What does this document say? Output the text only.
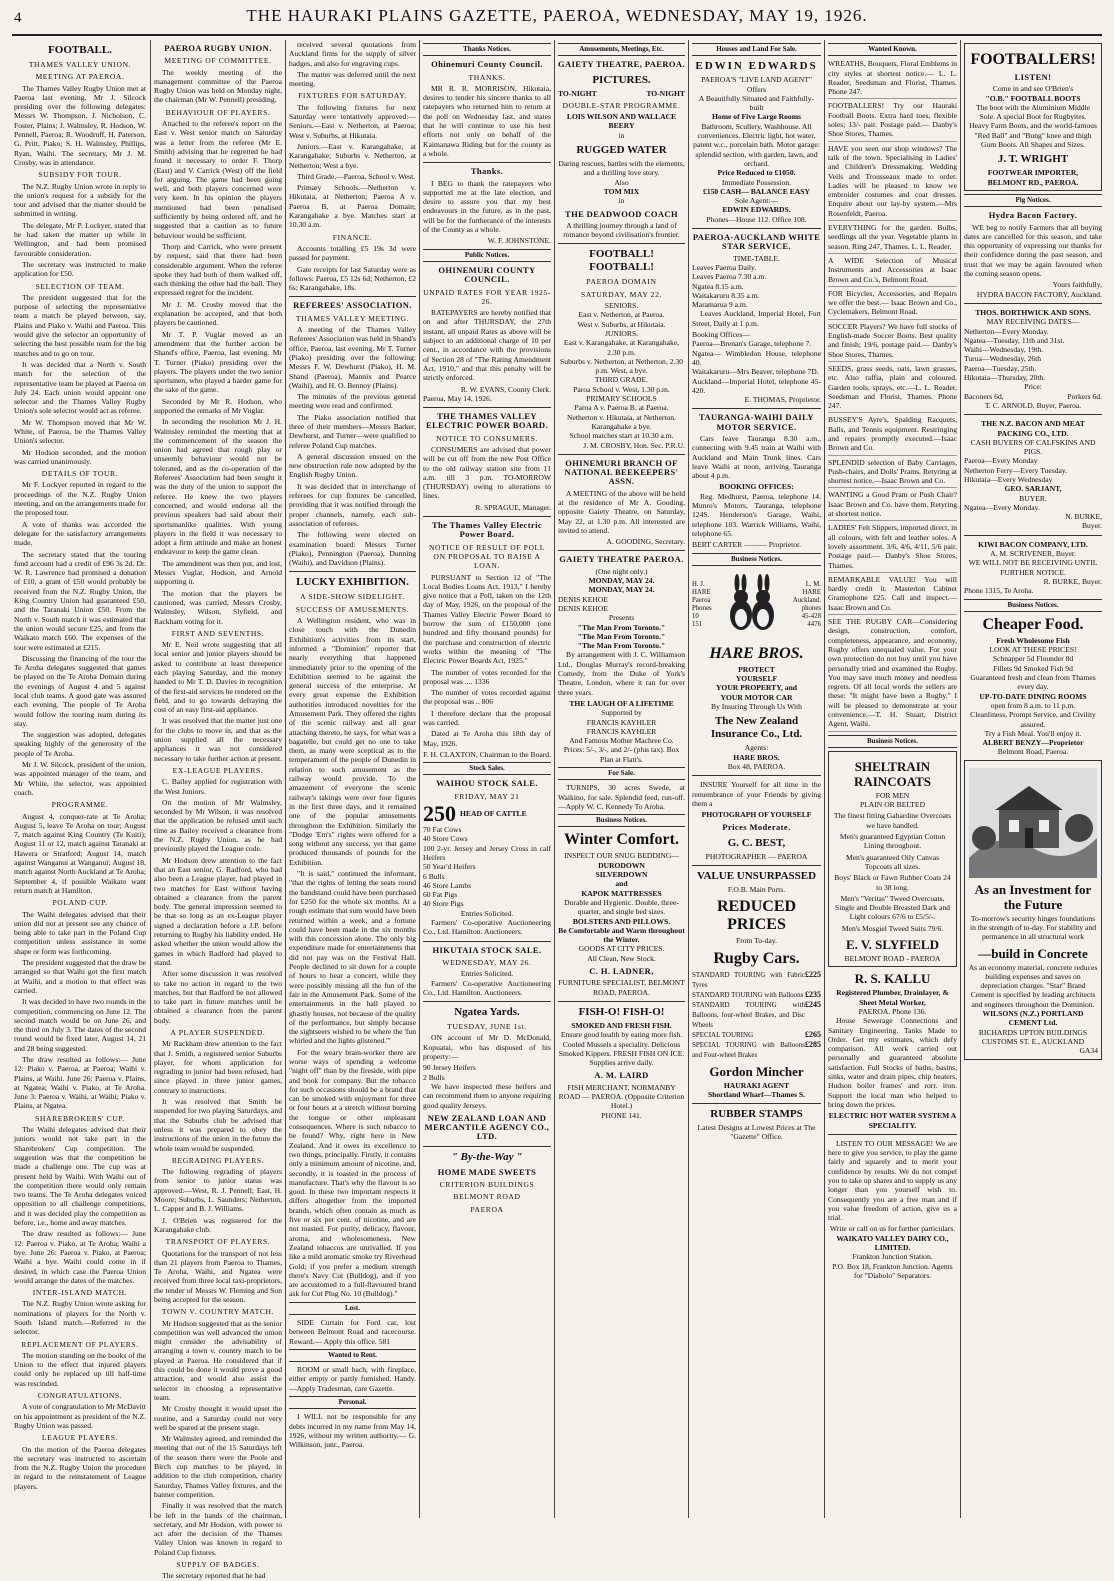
4	THE HAURAKI PLAINS GAZETTE, PAEROA, WEDNESDAY, MAY 19, 1926.
FOOTBALL.
THAMES VALLEY UNION.
MEETING AT PAEROA.

The Thames Valley Rugby Union met at Paeroa last evening, Mr J. Silcock presiding over the following delegates: Messrs W. Thompson, J. Nicholson, C. Foster, Plains; J. Walmsley, R. Hodson, W. Pennell, Paeroa; R. Woodruff, H. Paterson, G. Pritt, Piako; S. H. Walmsley, Phillips, Ryan, Waihi. The secretary, Mr J. M. Crosby, was in attendance.

SUBSIDY FOR TOUR.

The N.Z. Rugby Union wrote in reply to the union's request for a subsidy for the tour and advised that the matter should be submitted in writing.

The delegate, Mr P. Lockyer, stated that he had taken the matter up while in Wellington, and had been promised favourable consideration.

The secretary was instructed to make application for £50.

SELECTION OF TEAM.

The president suggested that for the purpose of selecting the representative team a match be played between, say, Plains and Piako v. Waihi and Paeroa. This would give the selector an opportunity of selecting the best possible team for the big matches and to go on tour.

It was decided that a North v. South match for the selection of the representative team be played at Paeroa on July 24. Each union would appoint one selector and the Thames Valley Rugby Union's sole selector would act as referee.

Mr W. Thompson moved that Mr W. White, of Paeroa, be the Thames Valley Union's selector.

Mr Hodson seconded, and the motion was carried unanimously.

DETAILS OF TOUR.

Mr F. Lockyer reported in regard to the proceedings of the N.Z. Rugby Union meeting, and on the arrangements made for the proposed tour.

A vote of thanks was accorded the delegate for the satisfactory arrangements made.

The secretary stated that the touring fund account had a credit of £96 3s 2d. Dr. W. R. Lawrence had promised a donation of £10, a grant of £50 would probably be received from the N.Z. Rugby Union, the King Country Union had guaranteed £50, and the Taranaki Union £50. From the North v. South match it was estimated that the union would secure £25, and from the Waikato match £60. The expenses of the tour were estimated at £215.

Discussing the financing of the tour the Te Aroha delegates suggested that games be played on the Te Aroha Domain during the evenings of August 4 and 5 against local club teams. A good gate was assured each evening. The people of Te Aroha would follow the touring team during its stay.

The suggestion was adopted, delegates speaking highly of the generosity of the people of Te Aroha.

Mr J. W. Silcock, president of the union, was appointed manager of the team, and Mr White, the selector, was appointed coach.

PROGRAMME.

August 4, conquer-rate at Te Aroha; August 5, leave Te Aroha on tour; August 7, match against King Country (Te Kuiti); August 11 or 12, match against Taranaki at Hawera or Stratford; August 14, match against Wanganui at Wanganui; August 18, match against North Auckland at Te Aroha; September 4, if possible Waikato want return match at Hamilton.

POLAND CUP.

The Waihi delegates advised that their union did not at present see any chance of being able to take part in the Poland Cup competition unless assistance in some shape or form was forthcoming.

The president suggested that the draw be arranged so that Waihi got the first match at Waihi, and a motion to that effect was carried.

It was decided to have two rounds in the competition, commencing on June 12. The second match would be on June 26, and the third on July 3. The dates of the second round would be fixed later, August 14, 21 and 28 being suggested.

The draw resulted as follows:— June 12: Piako v. Paeroa, at Paeroa; Waihi v. Plains, at Waihi. June 26: Paeroa v. Plains, at Ngatea; Waihi v. Piako, at Te Aroha. June 3: Paeroa v. Waihi, at Waihi; Piako v. Plains, at Ngatea.

SHAREBROKERS' CUP.

The Waihi delegates advised that their juniors would not take part in the Sharebrokers' Cup competition. The suggestion was that the competition be made a challenge one. The cup was at present held by Waihi. With Waihi out of the competition there would only remain two teams. The Te Aroha delegates voiced opposition to all challenge competitions, and it was decided play the competition as before, i.e., home and away matches.

The draw resulted as follows:— June 12: Paeroa v. Piako, at Te Aroha; Waihi a bye. June 26: Paeroa v. Piako, at Paeroa; Waihi a bye. Waihi could come in if desired, in which case the Paeroa Union would arrange the dates of the matches.

INTER-ISLAND MATCH.

The N.Z. Rugby Union wrote asking for nominations of players for the North v. South Island match.—Referred to the selector.

REPLACEMENT OF PLAYERS.

The motion standing on the books of the Union to the effect that injured players could only be replaced up till half-time was rescinded.

CONGRATULATIONS.

A vote of congratulation to Mr McDavitt on his appointment as president of the N.Z. Rugby Union was passed.

LEAGUE PLAYERS.

On the motion of the Paeroa delegates the secretary was instructed to ascertain from the N.Z. Rugby Union the procedure in regard to the reinstatement of League players.

PAEROA RUGBY UNION.
MEETING OF COMMITTEE.

The weekly meeting of the management committee of the Paeroa Rugby Union was held on Monday night, the chairman (Mr W. Pennell) presiding.

BEHAVIOUR OF PLAYERS.

Attached to the referee's report on the East v. West senior match on Saturday was a letter from the referee (Mr E. Smith) advising that he regretted he had found it necessary to order F. Thorp (East) and V. Carrick (West) off the field for arguing. The game had been going well, and both players concerned were very keen. In his opinion the players mentioned had been penalised sufficiently by being ordered off, and he suggested that a caution as to future behaviour would be sufficient.

Thorp and Carrick, who were present by request, said that there had been considerable argument. When the referee spoke they had both of them walked off, each thinking the other had the ball. They expressed regret for the incident.

Mr J. M. Crosby moved that the explanation be accepted, and that both players be cautioned.

Mr T. P. Vuglar moved as an amendment that the further action be Shand's office, Paeroa, last evening. Mr T. Turner (Piako) presiding over the players. The players under the two senior sportsmen, who played a harder game for the sake of the game.

Seconded by Mr R. Hodson, who supported the remarks of Mr Vuglar.

In seconding the resolution Mr J. H. Walmsley reminded the meeting that at the commencement of the season the union had agreed that rough play or unseemly behaviour would not be tolerated, and as the co-operation of the Referees' Association had been sought it was the duty of the union to support the referee. He knew the two players concerned, and would endorse all the previous speakers had said about their sportsmanlike qualities. With young players in the field it was necessary to adopt a firm attitude and make an honest endeavour to keep the game clean.

The amendment was then put, and lost, Messrs Vuglar, Hodson, and Arnold supporting it.

The motion that the players be cautioned, was carried, Messrs Crosby, Walmsley, Wilson, Slyfield, and Rackham voting for it.

FIRST AND SEVENTHS.

Mr E. Neil wrote suggesting that all local senior and junior players should be asked to contribute at least threepence each playing Saturday, and the money handed to Mr T. D. Davies in recognition of the first-aid services he rendered on the field, and to go towards defraying the cost of an easy first-aid appliance.

It was resolved that the matter just one for the clubs to move in, and that as the union supplied all the necessary appliances it was not considered necessary to take further action at present.

EX-LEAGUE PLAYERS.

C. Bailey applied for registration with the West Juniors.

On the motion of Mr Walmsley, seconded by Mr Wilson, it was resolved that the application be refused until such time as Bailey received a clearance from the N.Z. Rugby Union, as he had previously played the League code.

Mr Hodson drew attention to the fact that an East senior, G. Radford, who had also been a League player, had played in two matches for East without having obtained a clearance from the parent body. The general impression seemed to be that so long as an ex-League player signed a declaration before a J.P. before returning to Rugby his liability ended. He asked whether the union would allow the games in which Radford had played to stand.

After some discussion it was resolved to take no action in regard to the two matches, but that Radford be not allowed to take part in future matches until he obtained a clearance from the parent body.

A PLAYER SUSPENDED.

Mr Rackham drew attention to the fact that J. Smith, a registered senior Suburbs player, for whom application for regrading to junior had been refused, had since played in three junior games, contrary to instructions.

It was resolved that Smith be suspended for two playing Saturdays, and that the Suburbs club be advised that unless it was prepared to obey the instructions of the union in the future the whole team would be suspended.

REGRADING PLAYERS.

The following regrading of players from senior to junior status was approved:—West, R. J. Pennell; East, H. Moore; Suburbs, L. Saunders; Netherton, L. Capper and B. J. Williams.

J. O'Brien was registered for the Karangahake club.

TRANSPORT OF PLAYERS.

Quotations for the transport of not less than 21 players from Paeroa to Thames, Te Aroha, Waihi, and Ngatea were received from three local taxi-proprietors, the tender of Messrs W. Fleming and Son being accepted for the season.

TOWN V. COUNTRY MATCH.

Mr Hodson suggested that as the senior competition was well advanced the union might consider the advisability of arranging a town v. country match to be played at Paeroa. He considered that if this could be done it would prove a good attraction, and would also assist the selector in choosing a representative team.

Mr Crosby thought it would upset the routine, and a Saturday could not very well be spared at the present stage.

Mr Walmsley agreed, and reminded the meeting that out of the 15 Saturdays left of the season there were the Poole and Birch cup matches to be played, in addition to the club competition, charity Saturday, Thames Valley fixtures, and the banner competition.

Finally it was resolved that the match be left in the hands of the chairman, secretary, and Mr Hodson, with power to act after the decision of the Thames Valley Union was known in regard to Poland Cup fixtures.

SUPPLY OF BADGES.

The secretary reported that he had

received several quotations from Auckland firms for the supply of silver badges, and also for engraving cups.

The matter was deferred until the next meeting.

FIXTURES FOR SATURDAY.

The following fixtures for next Saturday were tentatively approved:— Seniors.—East v. Netherton, at Paeroa; West v. Suburbs, at Hikutaia.

Juniors.—East v. Karangahake, at Karangahake; Suburbs v. Netherton, at Netherton; West a bye.

Third Grade.—Paeroa, School v. West.

Primary Schools.—Netherton v. Hikutaia, at Netherton; Paeroa A v. Paeroa B, at Paeroa Domain; Karangahake a bye. Matches start at 10.30 a.m.

FINANCE.

Accounts totalling £5 19s 3d were passed for payment.

Gate receipts for last Saturday were as follows: Paeroa, £5 12s 6d; Netherton, £2 6s; Karangahake, 18s.

REFEREES' ASSOCIATION.
THAMES VALLEY MEETING.

A meeting of the Thames Valley Referees' Association was held in Shand's office, Paeroa, last evening, Mr T. Turner (Piako) presiding over the following: Messrs F. W. Dewhurst (Piako), H. M. Shand (Paeroa), Mannix and Pearce (Waihi), and H. O. Bennoy (Plains).

The minutes of the previous general meeting were read and confirmed.

The Piako association notified that three of their members—Messrs Barker, Dewhurst, and Turner—were qualified to referee Poland Cup matches.

A general discussion ensued on the new obstruction rule now adopted by the English Rugby Union.

It was decided that in interchange of referees for cup fixtures be cancelled, providing that it was notified through the proper channels, namely, each sub-association of referees.

The following were elected on examination board: Messrs Turner (Piako), Pennington (Paeroa), Dunning (Waihi), and Davidson (Plains).

LUCKY EXHIBITION.
A SIDE-SHOW SIDELIGHT.
SUCCESS OF AMUSEMENTS.

A Wellington resident, who was in close touch with the Dunedin Exhibition's activities from its start, informed a "Dominion" reporter that nearly everything that happened immediately prior to the opening of the Exhibition seemed to be against the general success of the enterprise. At every great expense the Exhibition authorities introduced novelties for the Amusement Park. They offered the rights of the scenic railway and all gear attaching thereto, he says, for what was a bagatelle, but could get no one to take them, as many were sceptical as to the temperament of the people of Dunedin in relation to such amusement as the railway would provide. To the amazement of everyone the scenic railway's takings were over four figures in the first three days, and it remained one of the popular amusements throughout the Exhibition. Similarly the "Dodge 'Em's" rights were offered for a song without any success, yet that game produced thousands of pounds for the Exhibition.

"It is said," continued the informant, "that the rights of letting the seats round the bandstand could have been purchased for £250 for the whole six months. At a rough estimate that sum would have been returned within a week, and a fortune could have been made in the six months with this concession alone. The only big expenditure made for entertainments that did not pay was on the Festival Hall. People declined to sit down for a couple of hours to hear a concert, while they were possibly missing all the fun of the fair in the Amusement Park. Some of the entertainments in the hall played to ghastly houses, not because of the quality of the performance, but simply because the sightseers wished to be where the 'fun whirled and the lights glistened.'"

For the weary brain-worker there are worse ways of spending a welcome "night off" than by the fireside, with pipe and book for company. But the tobacco for such occasions should be a brand that can be smoked with enjoyment for three or four hours at a stretch without burning the tongue or other unpleasant consequences. Where is such tobacco to be found? Why, right here in New Zealand. And it owes its excellence to two things, principally. Firstly, it contains only a minimum amount of nicotine, and, secondly, it is toasted in the process of manufacture. That's why the flavour is so good. In these two important respects it differs altogether from the imported brands, which often contain as much as five or six per cent. of nicotine, and are not toasted. For purity, delicacy, flavour, aroma, and wholesomeness, New Zealand tobaccos are unrivalled. If you like a mild aromatic smoke try Riverhead Gold; if you prefer a medium strength there's Navy Cut (Bulldog), and if you are accustomed to a full-flavoured brand ask for Cut Plug No. 10 (Bulldog)."

Lost.

SIDE Curtain for Ford car, lost between Belmont Road and racecourse. Reward.— Apply this office. 581

Wanted to Rent.

ROOM or small bach, with fireplace, either empty or partly furnished. Handy.—Apply Tradesman, care Gazette.

Personal.

I WILL not be responsible for any debts incurred in my name from May 14, 1926, without my written authority.— G. Wilkinson, junr., Paeroa.

Thanks Notices.
Ohinemuri County Council.
THANKS.

MR R. R. MORRISON, Hikutaia, desires to tender his sincere thanks to all ratepayers who returned him to return at the poll on Wednesday last, and states that he will continue to use his best efforts not only on behalf of the Kaimanawa Riding but for the county as a whole.

Thanks.

I BEG to thank the ratepayers who supported me at the late election, and desire to assure you that my best endeavours in the future, as in the past, will be for the furtherance of the interests of the County as a whole.

W. F. JOHNSTONE.
Public Notices.
OHINEMURI COUNTY COUNCIL.
UNPAID RATES FOR YEAR 1925-26.

RATEPAYERS are hereby notified that on and after THURSDAY, the 27th instant, all unpaid Rates as above will be subject to an additional charge of 10 per cent., in accordance with the provisions of Section 28 of "The Rating Amendment Act, 1910," and that this penalty will be strictly enforced.

R. W. EVANS, County Clerk.
Paeroa, May 14, 1926.
THE THAMES VALLEY ELECTRIC POWER BOARD.
NOTICE TO CONSUMERS.

CONSUMERS are advised that power will be cut off from the new Post Office to the old railway station site from 11 a.m. till 3 p.m. TO-MORROW (THURSDAY) owing to alterations to lines.

R. SPRAGUE, Manager.
The Thames Valley Electric Power Board.
NOTICE OF RESULT OF POLL ON PROPOSAL TO RAISE A LOAN.

PURSUANT to Section 12 of "The Local Bodies Loans Act, 1913," I hereby give notice that a Poll, taken on the 12th day of May, 1926, on the proposal of the Thames Valley Electric Power Board to borrow the sum of £150,000 (one hundred and fifty thousand pounds) for the purchase and construction of electric works within the meaning of "The Electric Power Boards Act, 1925."

The number of votes recorded for the proposal was .... 1336

The number of votes recorded against the proposal was .. 806

I therefore declare that the proposal was carried.

Dated at Te Aroha this 18th day of May, 1926.

F. H. CLAXTON, Chairman to the Board.
Stock Sales.
WAIHOU STOCK SALE.
FRIDAY, MAY 21
250 HEAD OF CATTLE
70 Fat Cows
40 Store Cows
100 2-yr. Jersey and Jersey Cross in calf Heifers
50 Year'd Heifers
6 Bulls
46 Store Lambs
60 Fat Pigs
40 Store Pigs
Entries Solicited.

Farmers' Co-operative Auctioneering Co., Ltd. Hamilton. Auctioneers.

HIKUTAIA STOCK SALE.
WEDNESDAY, MAY 26.
Entries Solicited.

Farmers' Co-operative Auctioneering Co., Ltd. Hamilton. Auctioneers.

Ngatea Yards.
TUESDAY, JUNE 1st.

ON account of Mr D. McDonald, Kopuatai, who has disposed of his property:—

90 Jersey Heifers
2 Bulls

We have inspected these heifers and can recommend them to anyone requiring good quality Jerseys.

NEW ZEALAND LOAN AND MERCANTILE AGENCY CO., LTD.
" By-the-Way "
HOME MADE SWEETS
CRITERION BUILDINGS
BELMONT ROAD
PAEROA
Amusements, Meetings, Etc.
GAIETY THEATRE, PAEROA.
PICTURES.
TO-NIGHT	TO-NIGHT
DOUBLE-STAR PROGRAMME.
LOIS WILSON AND WALLACE BEERY
in
RUGGED WATER
Daring rescues, battles with the elements, and a thrilling love story.
Also
TOM MIX
in
THE DEADWOOD COACH
A thrilling journey through a land of romance beyond civilisation's frontier.
FOOTBALL! FOOTBALL!
PAEROA DOMAIN
SATURDAY, MAY 22.
SENIORS.
East v. Netherton, at Paeroa.
West v. Suburbs, at Hikutaia.
JUNIORS.
East v. Karangahake, at Karangahake, 2.30 p.m.
Suburbs v. Netherton, at Netherton, 2.30 p.m. West, a bye.
THIRD GRADE.
Paroa School v. West, 1.30 p.m.
PRIMARY SCHOOLS
Paroa A v. Paeroa B, at Paeroa.
Netherton v. Hikutaia, at Netherton. Karangahake a bye.
School matches start at 10.30 a.m.
J. M. CROSBY, Hon. Sec. P.R.U.
OHINEMURI BRANCH OF NATIONAL BEEKEEPERS' ASSN.

A MEETING of the above will be held at the residence of Mr A. Gooding, opposite Gaiety Theatre, on Saturday, May 22, at 1.30 p.m. All interested are invited to attend.

A. GOODING, Secretary.
GAIETY THEATRE PAEROA.
(One night only.)
MONDAY, MAY 24.
MONDAY, MAY 24.
DENIS KEHOE
DENIS KEHOE
Presents
"The Man From Toronto."
"The Man From Toronto."
"The Man From Toronto."

By arrangement with J. C. Williamson Ltd., Douglas Murray's record-breaking Comedy, from the Duke of York's Theatre, London, where it ran for over three years.

THE LAUGH OF A LIFETIME
Supported by
FRANCIS KAYHLER
FRANCIS KAYHLER
And Famous Mother Machree Co.
Prices: 5/-, 3/-, and 2/- (plus tax). Box Plan at Flatt's.
For Sale.

TURNIPS, 30 acres Swede, at Waikino, for sale. Splendid feed, run-off.—Apply W. C. Kennedy To Aroha.

Business Notices.
Winter Comfort.
INSPECT OUR SNUG BEDDING—
DURODOWN
SILVERDOWN
and
KAPOK MATTRESSES
Durable and Hygienic. Double, three-quarter, and single bed sizes.
BOLSTERS AND PILLOWS.
Be Comfortable and Warm throughout the Winter.
GOODS AT CITY PRICES.
All Clean, New Stock.
C. H. LADNER,
FURNITURE SPECIALIST, BELMONT ROAD, PAEROA.
FISH-O! FISH-O!
SMOKED AND FRESH FISH.
Ensure good health by eating more fish. Cooled Mussels a speciality. Delicious Smoked Kippers. FRESH FISH ON ICE. Supplies arrive daily.
A. M. LAIRD
FISH MERCHANT, NORMANBY ROAD — PAEROA. (Opposite Criterion Hotel.)
PHONE 141.
Houses and Land For Sale.
EDWIN EDWARDS
PAEROA'S "LIVE LAND AGENT"
Offers
A Beautifully Situated and Faithfully-built
Home of Five Large Rooms
Bathroom, Scullery, Washhouse. All conveniences. Electric light, hot water, patent w.c., porcelain bath. Motor garage: splendid section, with garden, lawn, and orchard.
Price Reduced to £1050.
Immediate Possession.
£150 CASH— BALANCE EASY
Sole Agent:—
EDWIN EDWARDS.
Phones—House 112. Office 108.
PAEROA-AUCKLAND WHITE STAR SERVICE.
TIME-TABLE.
Leaves Paeroa Daily.
Leaves Paeroa 7.30 a.m.
Ngatea 8.15 a.m.
Waitakaruru 8.35 a.m.
Maramarua 9 a.m.

Leaves Auckland, Imperial Hotel, Fort Street, Daily at 1 p.m.

Booking Offices—
Paeroa—Brenan's Garage, telephone 7.
Ngatea— Wimbledon House, telephone 40.
Waitakaruru—Mrs Beaver, telephone 7D.
Auckland—Imperial Hotel, telephone 45-420.
E. THOMAS, Proprietor.
TAURANGA-WAIHI DAILY MOTOR SERVICE.

Cars leave Tauranga 8.30 a.m., connecting with 9.45 train at Waihi with Auckland and Main Trunk lines. Cars leave Waihi at noon, arriving Tauranga about 4 p.m.

BOOKING OFFICES:

Reg. Medhurst, Paeroa, telephone 14. Munro's Motors, Tauranga, telephone 124S. Henderson's Garage, Waihi, telephone 103. Warrick Williams, Waihi, telephone 65.

BERT CARTER ——— Proprietor.
Business Notices.
H. J.
HARE
Paeroa
Phones
10
151
L. M.
HARE
Auckland.
phones
45-428
4476
HARE BROS.
PROTECT
YOURSELF
YOUR PROPERTY, and
YOUR MOTOR CAR
By Insuring Through Us With
The New Zealand Insurance Co., Ltd.
Agents:
HARE BROS.
Box 48, PAEROA.

INSURE Yourself for all time in the remembrance of your Friends by giving them a

PHOTOGRAPH OF YOURSELF
Prices Moderate.
G. C. BEST,
PHOTOGRAPHER — PAEROA
VALUE UNSURPASSED
F.O.B. Main Ports.
REDUCED PRICES
From To-day.
Rugby Cars.
STANDARD TOURING with Fabric Tyres
£225
STANDARD TOURING with Balloons £235
STANDARD TOURING with Balloons, four-wheel Brakes, and Disc Wheels
£245
SPECIAL TOURING	£265
SPECIAL TOURING with Balloons and Four-wheel Brakes
£285
Gordon Mincher
HAURAKI AGENT
Shortland Wharf—Thames S.
RUBBER STAMPS
Latest Designs at Lowest Prices at The "Gazette" Office.
Wanted Known.

WREATHS, Bouquets, Floral Emblems in city styles at shortest notice.— L. L. Reader, Seedsman and Florist, Thames. Phone 247.

FOOTBALLERS! Try our Hauraki Football Boots. Extra hard toes, flexible soles; 13/- pair. Postage paid.— Danby's Shoe Stores, Thames.

HAVE you seen our shop windows? The talk of the town. Specialising in Ladies' and Children's Dressmaking. Wedding Veils and Trousseaux made to order. Ladies will be pleased to know we embroider costumes and coat dresses. Enquire about our lay-by system.—Mrs Rosenfeldt, Paeroa.

EVERYTHING for the garden. Bulbs, seedlings all the year. Vegetable plants in season. Ring 247, Thames. L. L. Reader.

A WIDE Selection of Musical Instruments and Accessories at Isaac Brown and Co.'s, Belmont Road.

FOR Bicycles, Accessories, and Repairs we offer the best.— Isaac Brown and Co., Cyclemakers, Belmont Road.

SOCCER Players? We have full stocks of English-made Soccer Boots. Best quality and finish; 19/6, postage paid.— Danby's Shoe Stores, Thames.

SEEDS, grass seeds, oats, lawn grasses, etc. Also raffia, plain and coloured. Garden tools, sprays, etc.—L. L. Reader, Seedsman and Florist, Thames. Phone 247.

BUSSEY'S Ayre's, Spalding Racquets, Balls, and Tennis equipment. Restringing and repairs promptly executed.—Isaac Brown and Co.

SPLENDID selection of Baby Carriages, Push-chairs, and Dolls' Prams. Retyring at shortest notice.—Isaac Brown and Co.

WANTING a Good Pram or Push Chair? Isaac Brown and Co. have them. Retyring at shortest notice.

LADIES' Felt Slippers, imported direct, in all colours, with felt and leather soles. A lovely assortment. 3/6, 4/6, 4/11, 5/6 pair. Postage paid.— Danby's Shoe Stores, Thames.

REMARKABLE VALUE! You will hardly credit it. Masterton Cabinet Gramophone £25. Call and inspect.—Isaac Brown and Co.

SEE THE RUGBY CAR—Considering design, construction, comfort, completeness, appearance, and economy, Rugby offers unequaled value. For your own protection do not buy until you have personally tried and examined the Rugby. You may save much money and needless regrets. Of all local words the sellers are these: "It might have been a Rugby." I will be pleased to demonstrate at your convenience.—T. H. Stuart, District Agent, Waihi.

Business Notices.
SHELTRAIN RAINCOATS
FOR MEN
PLAIN OR BELTED
The finest fitting Gabardine Overcoats we have handled.
Men's guaranteed Egyptian Cotton Lining throughout.
Men's guaranteed Oily Canvas Topcoats all sizes.
Boys' Black or Fawn Rubber Coats 24 to 38 long.
Men's "Veritas" Tweed Overcoats, Single and Double Breasted Dark and Light colours 67/6 to £5/5/-.
Men's Mosgiel Tweed Suits 79/6.
E. V. SLYFIELD
BELMONT ROAD - PAEROA
R. S. KALLU
Registered Plumber, Drainlayer, & Sheet Metal Worker,
PAEROA. Phone 136.

House Sewerage Connections and Sanitary Engineering. Tanks Made to Order. Get my estimates, which defy comparison. All work carried out personally and guaranteed absolute satisfaction. Full Stocks of baths, basins, sinks, water and drain pipes, chip heaters, Hudson boiler frames' and rorr. iron. Support the local man who helped to bring down the prices.

ELECTRIC HOT WATER SYSTEM A SPECIALITY.

LISTEN TO OUR MESSAGE! We are here to give you service, to play the game fairly and squarely and to merit your confidence by results. We do not compel you to take up shares and to supply us any longer than you yourself wish to. Consequently you are a free man and if you value freedom of action, give us a trial.

Write or call on us for further particulars.
WAIKATO VALLEY DAIRY CO., LIMITED.
Frankton Junction Station.
P.O. Box 18, Frankton Junction. Agents for "Diabolo" Separators.
FOOTBALLERS!
LISTEN!
Come in and see O'Brien's
"O.B." FOOTBALL BOOTS
The boot with the Aluminium Middle Sole. A special Boot for Rugbyites.
Heavy Farm Boots, and the world-famous "Red Ball" and "Bung" knee and thigh Gum Boots. All Shapes and Sizes.
J. T. WRIGHT
FOOTWEAR IMPORTER, BELMONT RD., PAEROA.
Pig Notices.
Hydra Bacon Factory.

WE beg to notify Farmers that all buying dates are cancelled for this season, and take this opportunity of expressing our thanks for their confidence during the past season, and trust that we may be again favoured when the coming season opens.

Yours faithfully,
HYDRA BACON FACTORY, Auckland.
THOS. BORTHWICK AND SONS.
MAY RECEIVING DATES—
Netherton—Every Monday.
Ngatea—Tuesday, 11th and 31st.
Waihi—Wednesday, 19th.
Turua—Wednesday, 26th
Paeroa—Tuesday, 25th.
Hikutaia—Thursday, 20th.
Price:
Baconers 6d,	Porkers 6d.
T. C. ARNOLD, Buyer, Paeroa.
THE N.Z. BACON AND MEAT PACKING CO., LTD.
CASH BUYERS OF CALFSKINS AND PIGS.
Paeroa—Every Monday
Netherton Ferry—Every Tuesday.
Hikutaia—Every Wednesday
GEO. SARJANT,
BUYER.
Ngatea—Every Monday.
N. BURKE,
Buyer.
KIWI BACON COMPANY, LTD.
A. M. SCRIVENER, Buyer.
WE WILL NOT BE RECEIVING UNTIL FURTHER NOTICE.
R. BURKE, Buyer.
Phone 1315, Te Aroha.
Business Notices.
Cheaper Food.
Fresh Wholesome Fish
LOOK AT THESE PRICES!
Schnapper 5d Flounder 8d
Fillets 9d Smoked Fish 9d
Guaranteed fresh and clean from Thames every day.
UP-TO-DATE DINING ROOMS
open from 8 a.m. to 11 p.m.
Cleanliness, Prompt Service, and Civility assured.
Try a Fish Meal. You'll enjoy it.
ALBERT BENZY—Proprietor
Belmont Road, Paeroa.
As an Investment for the Future
To-morrow's security hinges foundations in the strength of to-day. For stability and permanence in all structural work
—build in Concrete
As an economy material, concrete reduces building expenses and saves on depreciation charges. "Star" Brand Cement is specified by leading architects and engineers throughout the Dominion.
WILSONS (N.Z.) PORTLAND CEMENT Ltd.
RICHARDS UPTON BUILDINGS CUSTOMS ST. E., AUCKLAND
GA34
